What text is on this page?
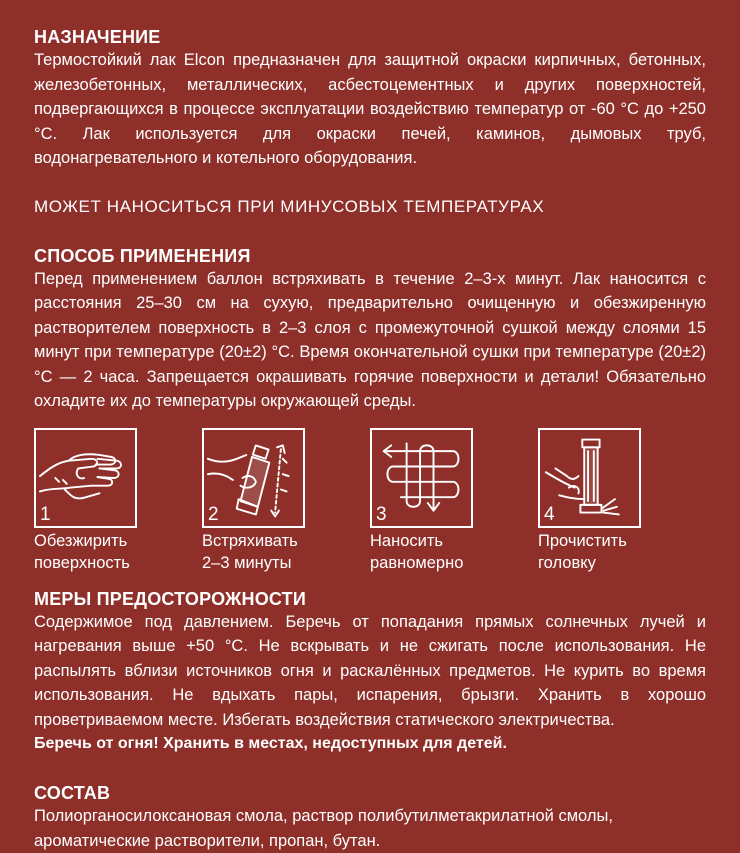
НАЗНАЧЕНИЕ

Термостойкий лак Elcon предназначен для защитной окраски кирпичных, бетонных, железобетонных, металлических, асбестоцементных и других поверхностей, подвергающихся в процессе эксплуатации воздействию температур от -60 °С до +250 °С. Лак используется для окраски печей, каминов, дымовых труб, водонагревательного и котельного оборудования.

МОЖЕТ НАНОСИТЬСЯ ПРИ МИНУСОВЫХ ТЕМПЕРАТУРАХ
СПОСОБ ПРИМЕНЕНИЯ

Перед применением баллон встряхивать в течение 2–3-х минут. Лак наносится с расстояния 25–30 см на сухую, предварительно очищенную и обезжиренную растворителем поверхность в 2–3 слоя с промежуточной сушкой между слоями 15 минут при температуре (20±2) °С. Время окончательной сушки при температуре (20±2) °С — 2 часа. Запрещается окрашивать горячие поверхности и детали! Обязательно охладите их до температуры окружающей среды.

1
Обезжирить
поверхность
2
Встряхивать
2–3 минуты
3
Наносить
равномерно
4
Прочистить
головку
МЕРЫ ПРЕДОСТОРОЖНОСТИ

Содержимое под давлением. Беречь от попадания прямых солнечных лучей и нагревания выше +50 °С. Не вскрывать и не сжигать после использования. Не распылять вблизи источников огня и раскалённых предметов. Не курить во время использования. Не вдыхать пары, испарения, брызги. Хранить в хорошо проветриваемом месте. Избегать воздействия статического электричества.

Беречь от огня! Хранить в местах, недоступных для детей.

СОСТАВ

Полиорганосилоксановая смола, раствор полибутилметакрилатной смолы, ароматические растворители, пропан, бутан.
